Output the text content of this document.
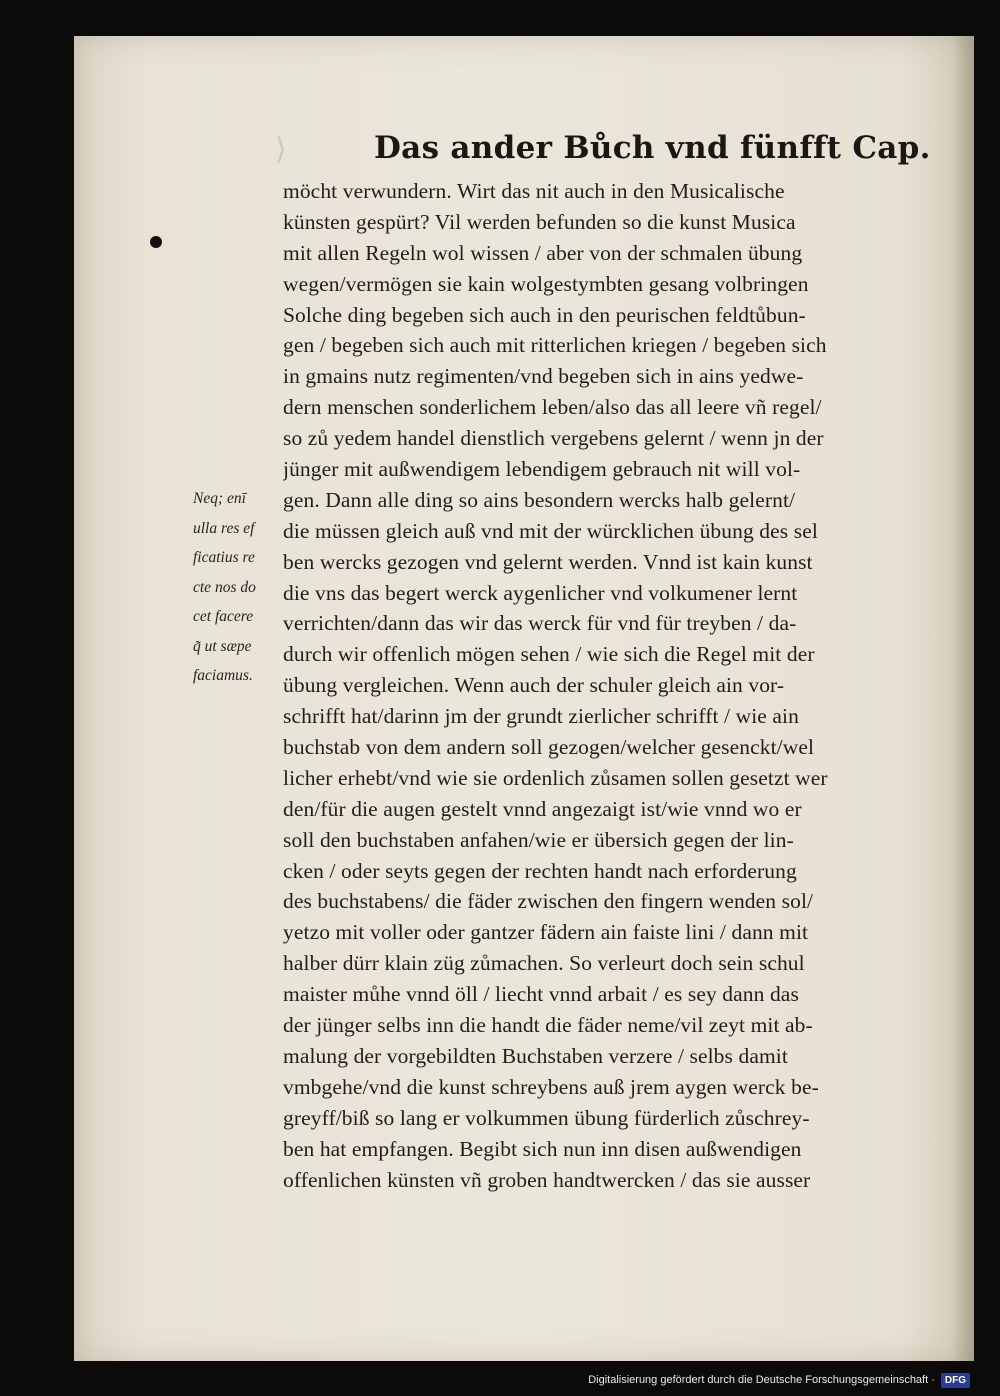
⟩	Das ander Bůch vnd fünfft Cap.
möcht verwundern. Wirt das nit auch in den Musicalische
künsten gespürt? Vil werden befunden so die kunst Musica
mit allen Regeln wol wissen / aber von der schmalen übung
wegen/vermögen sie kain wolgestymbten gesang volbringen
Solche ding begeben sich auch in den peurischen feldtůbun-
gen / begeben sich auch mit ritterlichen kriegen / begeben sich
in gmains nutz regimenten/vnd begeben sich in ains yedwe-
dern menschen sonderlichem leben/also das all leere vñ regel/
so zů yedem handel dienstlich vergebens gelernt / wenn jn der
jünger mit außwendigem lebendigem gebrauch nit will vol-
gen. Dann alle ding so ains besondern wercks halb gelernt/
die müssen gleich auß vnd mit der würcklichen übung des sel
ben wercks gezogen vnd gelernt werden. Vnnd ist kain kunst
die vns das begert werck aygenlicher vnd volkumener lernt
verrichten/dann das wir das werck für vnd für treyben / da-
durch wir offenlich mögen sehen / wie sich die Regel mit der
übung vergleichen. Wenn auch der schuler gleich ain vor-
schrifft hat/darinn jm der grundt zierlicher schrifft / wie ain
buchstab von dem andern soll gezogen/welcher gesenckt/wel
licher erhebt/vnd wie sie ordenlich zůsamen sollen gesetzt wer
den/für die augen gestelt vnnd angezaigt ist/wie vnnd wo er
soll den buchstaben anfahen/wie er übersich gegen der lin-
cken / oder seyts gegen der rechten handt nach erforderung
des buchstabens/ die fäder zwischen den fingern wenden sol/
yetzo mit voller oder gantzer fädern ain faiste lini / dann mit
halber dürr klain züg zůmachen. So verleurt doch sein schul
maister můhe vnnd öll / liecht vnnd arbait / es sey dann das
der jünger selbs inn die handt die fäder neme/vil zeyt mit ab-
malung der vorgebildten Buchstaben verzere / selbs damit
vmbgehe/vnd die kunst schreybens auß jrem aygen werck be-
greyff/biß so lang er volkummen übung fürderlich zůschrey-
ben hat empfangen. Begibt sich nun inn disen außwendigen
offenlichen künsten vñ groben handtwercken / das sie ausser
Neq; enī
ulla res ef
ficatius re
cte nos do
cet facere
q̃ ut sæpe
faciamus.
Digitalisierung gefördert durch die Deutsche Forschungsgemeinschaft ·	DFG
